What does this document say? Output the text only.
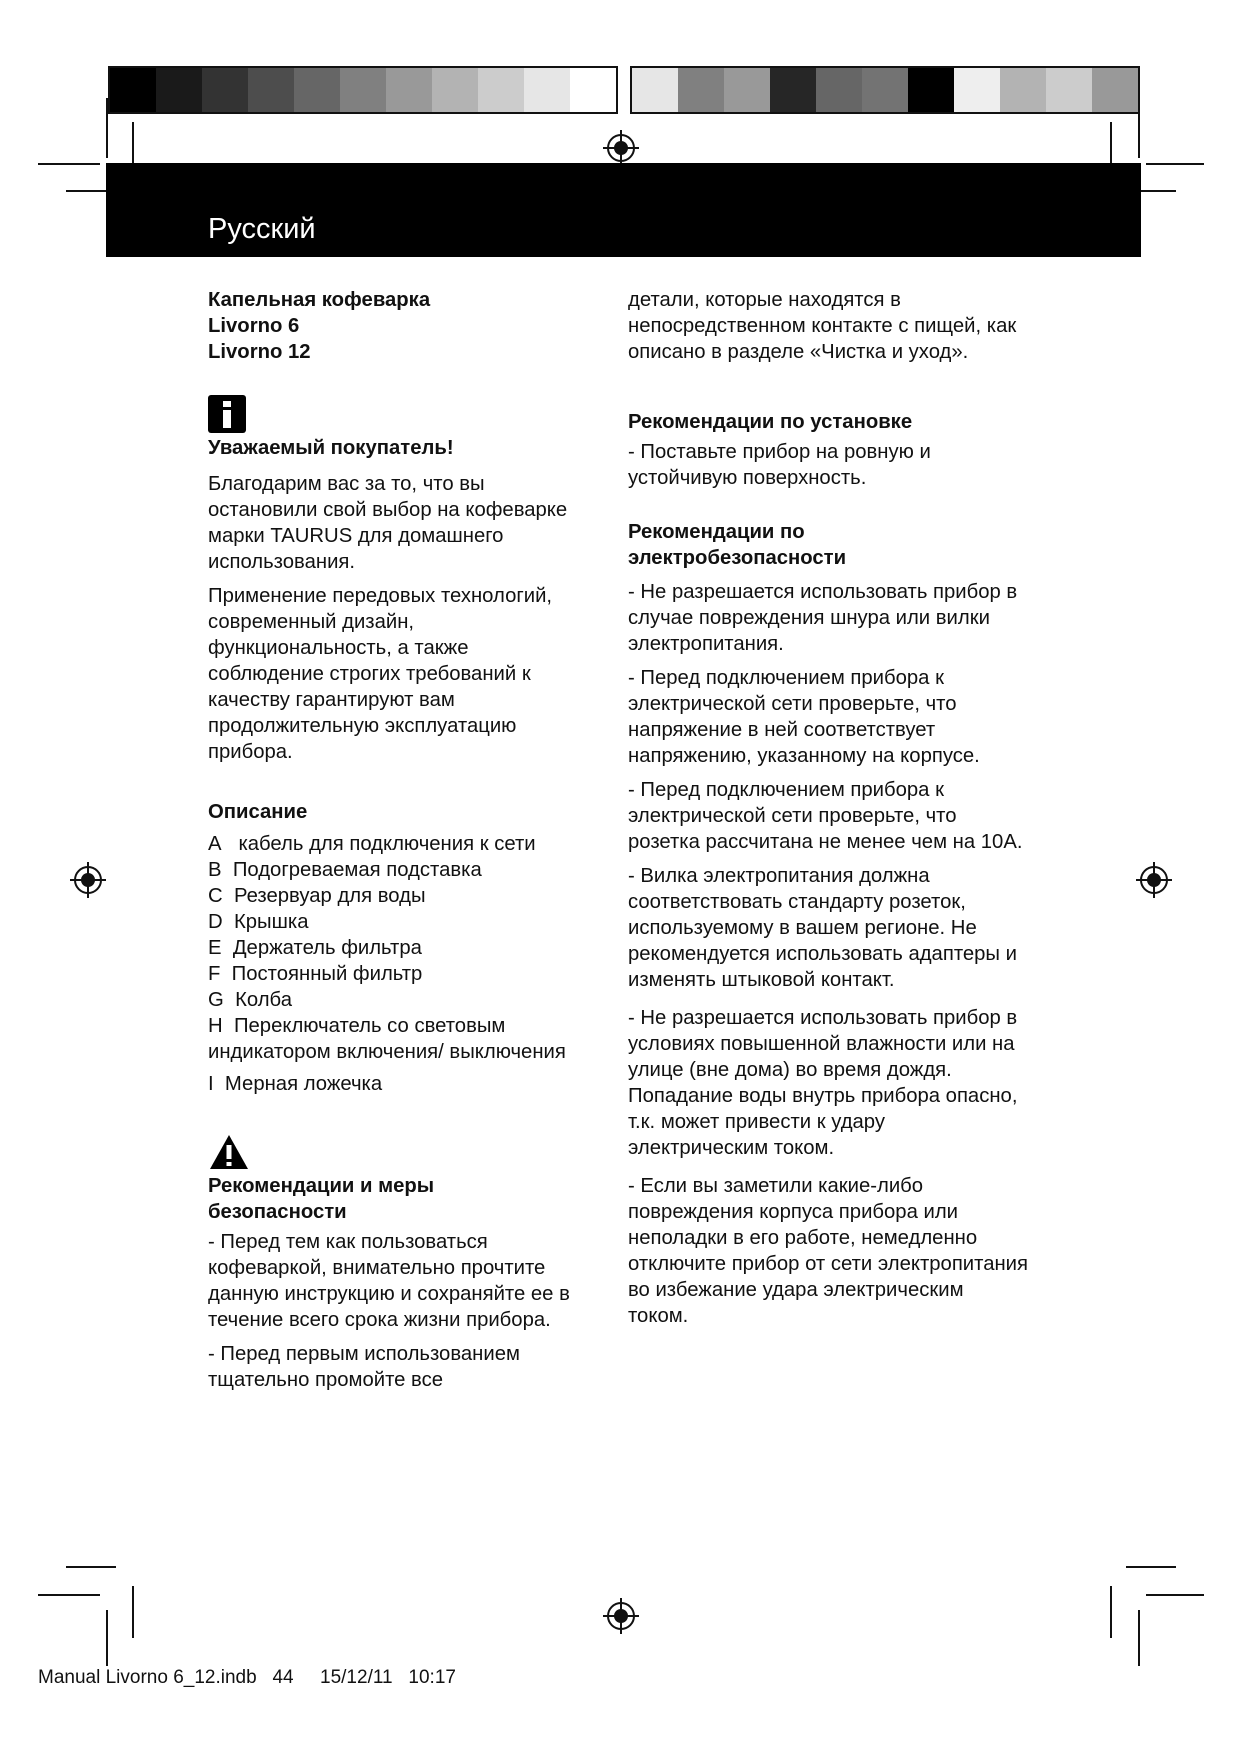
Русский
Капельная кофеварка
Livorno 6
Livorno 12

Уважаемый покупатель!

Благодарим вас за то, что вы остановили свой выбор на кофеварке марки TAURUS для домашнего использования.

Применение передовых технологий, современный дизайн, функциональность, а также соблюдение строгих требований к качеству гарантируют вам продолжительную эксплуатацию прибора.

Описание

A кабель для подключения к сети

B Подогреваемая подставка

C Резервуар для воды

D Крышка

E Держатель фильтра

F Постоянный фильтр

G Колба

H Переключатель со световым индикатором включения/ выключения

I Мерная ложечка

Рекомендации и меры безопасности

- Перед тем как пользоваться кофеваркой, внимательно прочтите данную инструкцию и сохраняйте ее в течение всего срока жизни прибора.

- Перед первым использованием тщательно промойте все

детали, которые находятся в непосредственном контакте с пищей, как описано в разделе «Чистка и уход».

Рекомендации по установке

- Поставьте прибор на ровную и устойчивую поверхность.

Рекомендации по электробезопасности

- Не разрешается использовать прибор в случае повреждения шнура или вилки электропитания.

- Перед подключением прибора к электрической сети проверьте, что напряжение в ней соответствует напряжению, указанному на корпусе.

- Перед подключением прибора к электрической сети проверьте, что розетка рассчитана не менее чем на 10A.

- Вилка электропитания должна соответствовать стандарту розеток, используемому в вашем регионе. Не рекомендуется использовать адаптеры и изменять штыковой контакт.

- Не разрешается использовать прибор в условиях повышенной влажности или на улице (вне дома) во время дождя. Попадание воды внутрь прибора опасно, т.к. может привести к удару электрическим током.

- Если вы заметили какие-либо повреждения корпуса прибора или неполадки в его работе, немедленно отключите прибор от сети электропитания во избежание удара электрическим током.

Manual Livorno 6_12.indb   44     15/12/11   10:17
